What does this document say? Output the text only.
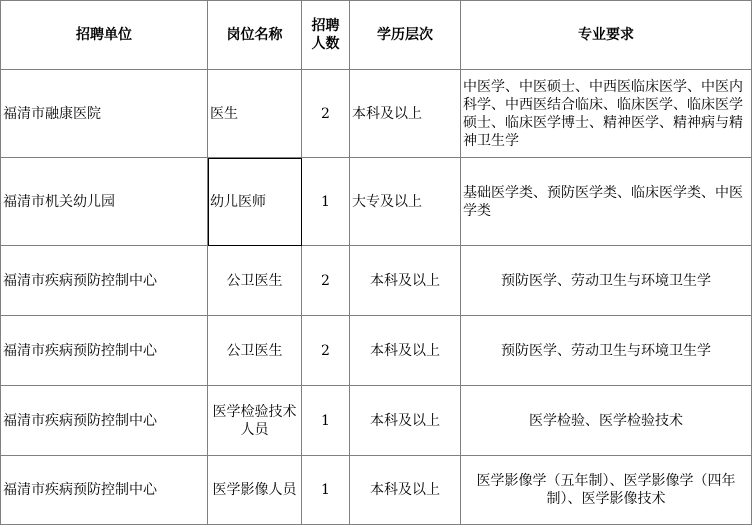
招聘单位	岗位名称	招聘人数	学历层次	专业要求
福清市融康医院	医生	2	本科及以上	中医学、中医硕士、中西医临床医学、中医内科学、中西医结合临床、临床医学、临床医学硕士、临床医学博士、精神医学、精神病与精神卫生学
福清市机关幼儿园	幼儿医师	1	大专及以上	基础医学类、预防医学类、临床医学类、中医学类
福清市疾病预防控制中心	公卫医生	2	本科及以上	预防医学、劳动卫生与环境卫生学
福清市疾病预防控制中心	公卫医生	2	本科及以上	预防医学、劳动卫生与环境卫生学
福清市疾病预防控制中心	医学检验技术人员	1	本科及以上	医学检验、医学检验技术
福清市疾病预防控制中心	医学影像人员	1	本科及以上	医学影像学（五年制）、医学影像学（四年制）、医学影像技术
